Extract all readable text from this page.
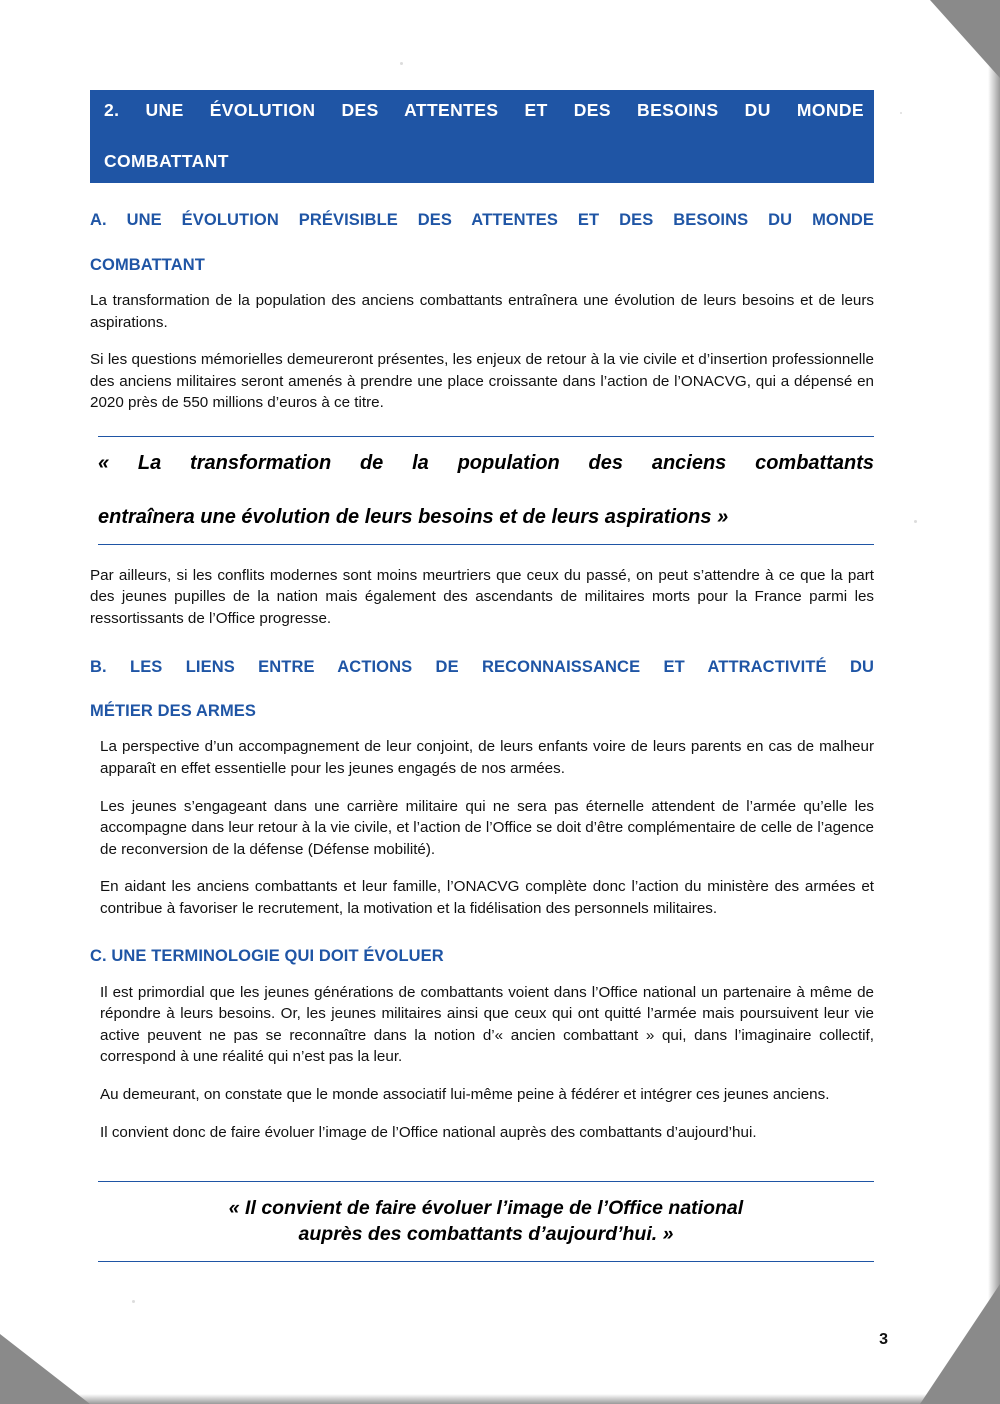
2. UNE ÉVOLUTION DES ATTENTES ET DES BESOINS DU MONDE
COMBATTANT
A. UNE ÉVOLUTION PRÉVISIBLE DES ATTENTES ET DES BESOINS DU MONDE
COMBATTANT

La transformation de la population des anciens combattants entraînera une évolution de leurs besoins et de leurs aspirations.

Si les questions mémorielles demeureront présentes, les enjeux de retour à la vie civile et d’insertion professionnelle des anciens militaires seront amenés à prendre une place croissante dans l’action de l’ONACVG, qui a dépensé en 2020 près de 550 millions d’euros à ce titre.

« La transformation de la population des anciens combattants
entraînera une évolution de leurs besoins et de leurs aspirations »

Par ailleurs, si les conflits modernes sont moins meurtriers que ceux du passé, on peut s’attendre à ce que la part des jeunes pupilles de la nation mais également des ascendants de militaires morts pour la France parmi les ressortissants de l’Office progresse.

B. LES LIENS ENTRE ACTIONS DE RECONNAISSANCE ET ATTRACTIVITÉ DU
MÉTIER DES ARMES

La perspective d’un accompagnement de leur conjoint, de leurs enfants voire de leurs parents en cas de malheur apparaît en effet essentielle pour les jeunes engagés de nos armées.

Les jeunes s’engageant dans une carrière militaire qui ne sera pas éternelle attendent de l’armée qu’elle les accompagne dans leur retour à la vie civile, et l’action de l’Office se doit d’être complémentaire de celle de l’agence de reconversion de la défense (Défense mobilité).

En aidant les anciens combattants et leur famille, l’ONACVG complète donc l’action du ministère des armées et contribue à favoriser le recrutement, la motivation et la fidélisation des personnels militaires.

C. UNE TERMINOLOGIE QUI DOIT ÉVOLUER

Il est primordial que les jeunes générations de combattants voient dans l’Office national un partenaire à même de répondre à leurs besoins. Or, les jeunes militaires ainsi que ceux qui ont quitté l’armée mais poursuivent leur vie active peuvent ne pas se reconnaître dans la notion d’« ancien combattant » qui, dans l’imaginaire collectif, correspond à une réalité qui n’est pas la leur.

Au demeurant, on constate que le monde associatif lui-même peine à fédérer et intégrer ces jeunes anciens.

Il convient donc de faire évoluer l’image de l’Office national auprès des combattants d’aujourd’hui.

« Il convient de faire évoluer l’image de l’Office national
auprès des combattants d’aujourd’hui. »
3
